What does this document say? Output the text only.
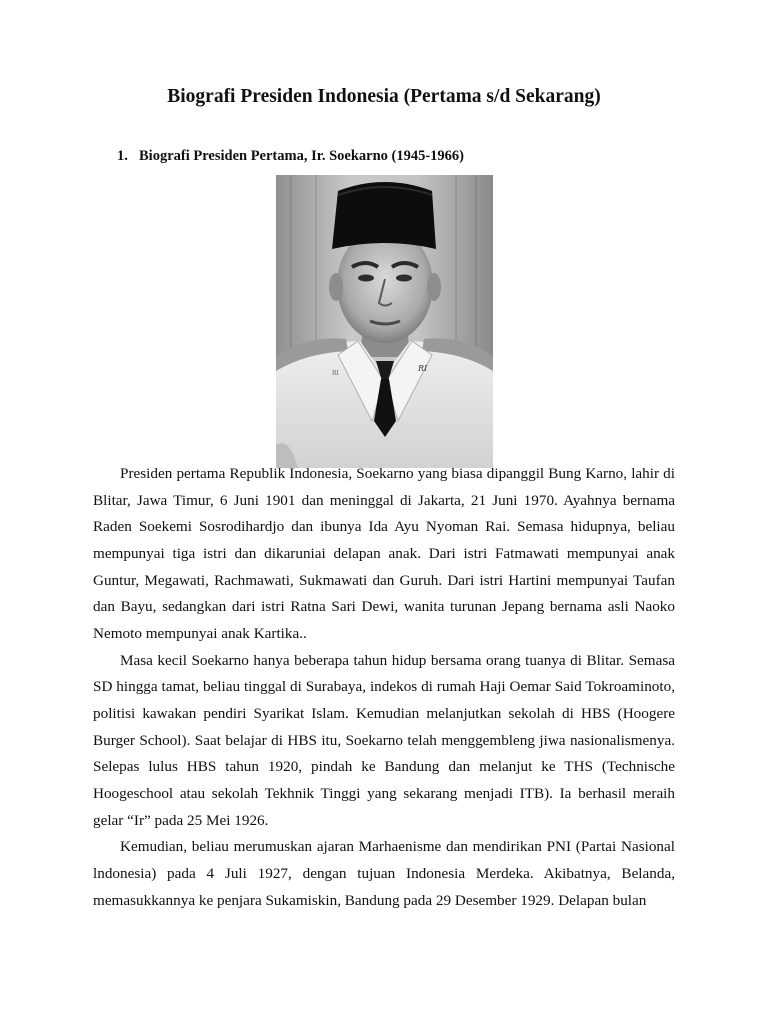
Biografi Presiden Indonesia (Pertama s/d Sekarang)
1. Biografi Presiden Pertama, Ir. Soekarno (1945-1966)
RI
RI

Presiden pertama Republik Indonesia, Soekarno yang biasa dipanggil Bung Karno, lahir di Blitar, Jawa Timur, 6 Juni 1901 dan meninggal di Jakarta, 21 Juni 1970. Ayahnya bernama Raden Soekemi Sosrodihardjo dan ibunya Ida Ayu Nyoman Rai. Semasa hidupnya, beliau mempunyai tiga istri dan dikaruniai delapan anak. Dari istri Fatmawati mempunyai anak Guntur, Megawati, Rachmawati, Sukmawati dan Guruh. Dari istri Hartini mempunyai Taufan dan Bayu, sedangkan dari istri Ratna Sari Dewi, wanita turunan Jepang bernama asli Naoko Nemoto mempunyai anak Kartika..

Masa kecil Soekarno hanya beberapa tahun hidup bersama orang tuanya di Blitar. Semasa SD hingga tamat, beliau tinggal di Surabaya, indekos di rumah Haji Oemar Said Tokroaminoto, politisi kawakan pendiri Syarikat Islam. Kemudian melanjutkan sekolah di HBS (Hoogere Burger School). Saat belajar di HBS itu, Soekarno telah menggembleng jiwa nasionalismenya. Selepas lulus HBS tahun 1920, pindah ke Bandung dan melanjut ke THS (Technische Hoogeschool atau sekolah Tekhnik Tinggi yang sekarang menjadi ITB). Ia berhasil meraih gelar “Ir” pada 25 Mei 1926.

Kemudian, beliau merumuskan ajaran Marhaenisme dan mendirikan PNI (Partai Nasional lndonesia) pada 4 Juli 1927, dengan tujuan Indonesia Merdeka. Akibatnya, Belanda, memasukkannya ke penjara Sukamiskin, Bandung pada 29 Desember 1929. Delapan bulan
